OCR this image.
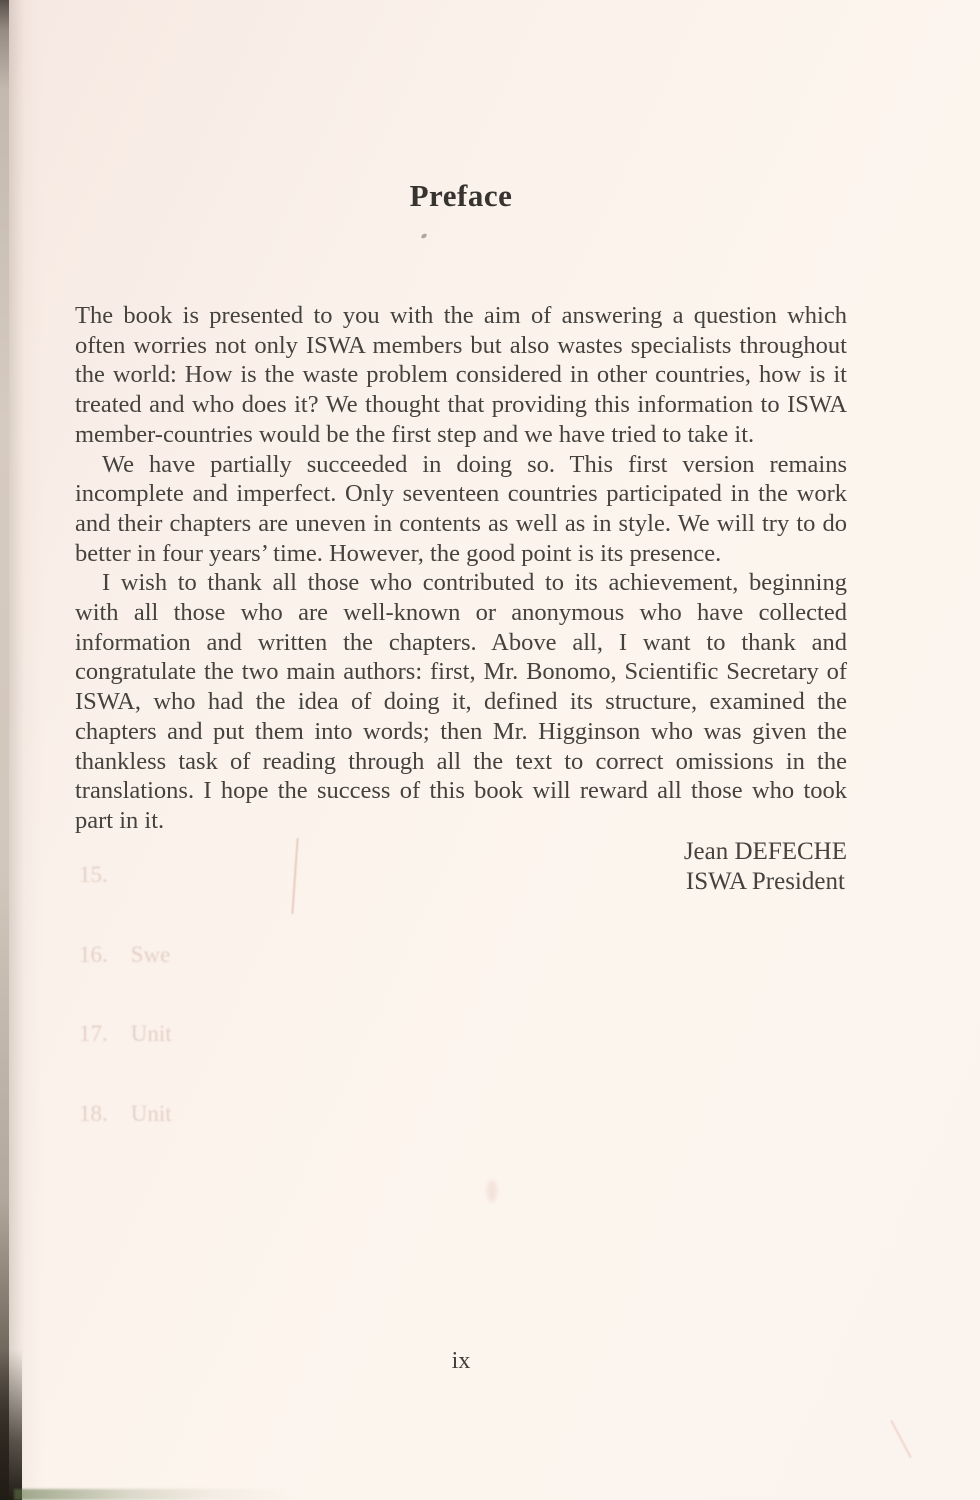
Preface

The book is presented to you with the aim of answering a question which often worries not only ISWA members but also wastes specialists throughout the world: How is the waste problem considered in other countries, how is it treated and who does it? We thought that providing this information to ISWA member-countries would be the first step and we have tried to take it.

We have partially succeeded in doing so. This first version remains incomplete and imperfect. Only seventeen countries participated in the work and their chapters are uneven in contents as well as in style. We will try to do better in four years’ time. However, the good point is its presence.

I wish to thank all those who contributed to its achievement, beginning with all those who are well-known or anonymous who have collected information and written the chapters. Above all, I want to thank and congratulate the two main authors: first, Mr. Bonomo, Scientific Secretary of ISWA, who had the idea of doing it, defined its structure, examined the chapters and put them into words; then Mr. Higginson who was given the thankless task of reading through all the text to correct omissions in the translations. I hope the success of this book will reward all those who took part in it.

Jean DEFECHE
ISWA President

15.

16.    Swe

17.    Unit

18.    Unit

ix
